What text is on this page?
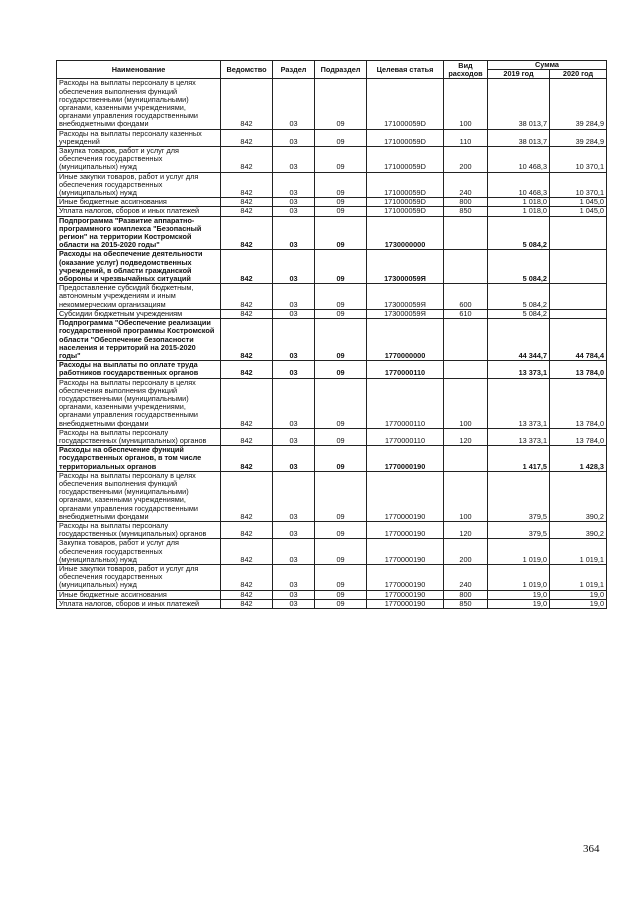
Наименование	Ведомство	Раздел	Подраздел	Целевая статья	Вид расходов	Сумма	
						2019 год	2020 год
Расходы на выплаты персоналу в целях обеспечения выполнения функций государственными (муниципальными) органами, казенными учреждениями, органами управления государственными внебюджетными фондами	842	03	09	171000059D	100	38 013,7	39 284,9
Расходы на выплаты персоналу казенных учреждений	842	03	09	171000059D	110	38 013,7	39 284,9
Закупка товаров, работ и услуг для обеспечения государственных (муниципальных) нужд	842	03	09	171000059D	200	10 468,3	10 370,1
Иные закупки товаров, работ и услуг для обеспечения государственных (муниципальных) нужд	842	03	09	171000059D	240	10 468,3	10 370,1
Иные бюджетные ассигнования	842	03	09	171000059D	800	1 018,0	1 045,0
Уплата налогов, сборов и иных платежей	842	03	09	171000059D	850	1 018,0	1 045,0
Подпрограмма "Развитие аппаратно-программного комплекса "Безопасный регион" на территории Костромской области на 2015-2020 годы"	842	03	09	1730000000		5 084,2	
Расходы на обеспечение деятельности (оказание услуг) подведомственных учреждений, в области гражданской обороны и чрезвычайных ситуаций	842	03	09	173000059Я		5 084,2	
Предоставление субсидий бюджетным, автономным учреждениям и иным некоммерческим организациям	842	03	09	173000059Я	600	5 084,2	
Субсидии бюджетным учреждениям	842	03	09	173000059Я	610	5 084,2	
Подпрограмма "Обеспечение реализации государственной программы Костромской области "Обеспечение безопасности населения и территорий на 2015-2020 годы"	842	03	09	1770000000		44 344,7	44 784,4
Расходы на выплаты по оплате труда работников государственных органов	842	03	09	1770000110		13 373,1	13 784,0
Расходы на выплаты персоналу в целях обеспечения выполнения функций государственными (муниципальными) органами, казенными учреждениями, органами управления государственными внебюджетными фондами	842	03	09	1770000110	100	13 373,1	13 784,0
Расходы на выплаты персоналу государственных (муниципальных) органов	842	03	09	1770000110	120	13 373,1	13 784,0
Расходы на обеспечение функций государственных органов, в том числе территориальных органов	842	03	09	1770000190		1 417,5	1 428,3
Расходы на выплаты персоналу в целях обеспечения выполнения функций государственными (муниципальными) органами, казенными учреждениями, органами управления государственными внебюджетными фондами	842	03	09	1770000190	100	379,5	390,2
Расходы на выплаты персоналу государственных (муниципальных) органов	842	03	09	1770000190	120	379,5	390,2
Закупка товаров, работ и услуг для обеспечения государственных (муниципальных) нужд	842	03	09	1770000190	200	1 019,0	1 019,1
Иные закупки товаров, работ и услуг для обеспечения государственных (муниципальных) нужд	842	03	09	1770000190	240	1 019,0	1 019,1
Иные бюджетные ассигнования	842	03	09	1770000190	800	19,0	19,0
Уплата налогов, сборов и иных платежей	842	03	09	1770000190	850	19,0	19,0
364
